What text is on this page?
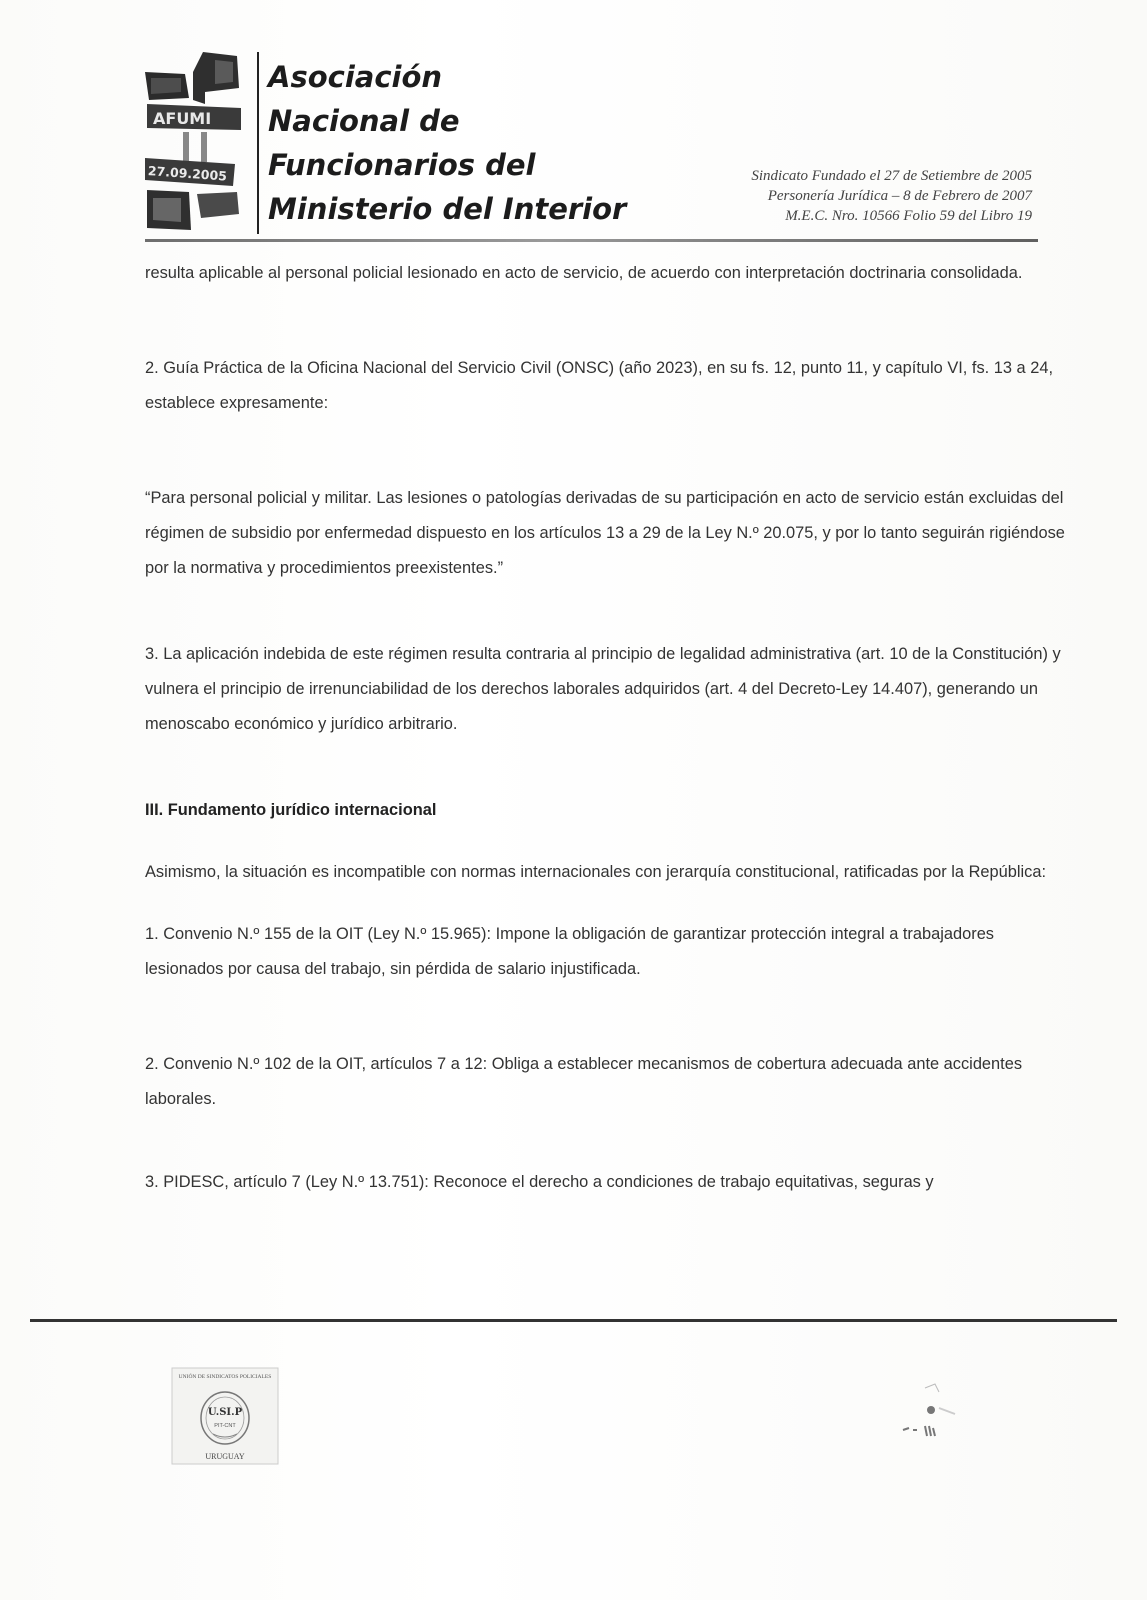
AFUMI
27.09.2005
Asociación
Nacional de
Funcionarios del
Ministerio del Interior
Sindicato Fundado el 27 de Setiembre de 2005
Personería Jurídica – 8 de Febrero de 2007
M.E.C. Nro. 10566 Folio 59 del Libro 19

resulta aplicable al personal policial lesionado en acto de servicio, de acuerdo con interpretación doctrinaria consolidada.

2. Guía Práctica de la Oficina Nacional del Servicio Civil (ONSC) (año 2023), en su fs. 12, punto 11, y capítulo VI, fs. 13 a 24, establece expresamente:

“Para personal policial y militar. Las lesiones o patologías derivadas de su participación en acto de servicio están excluidas del régimen de subsidio por enfermedad dispuesto en los artículos 13 a 29 de la Ley N.º 20.075, y por lo tanto seguirán rigiéndose por la normativa y procedimientos preexistentes.”

3. La aplicación indebida de este régimen resulta contraria al principio de legalidad administrativa (art. 10 de la Constitución) y vulnera el principio de irrenunciabilidad de los derechos laborales adquiridos (art. 4 del Decreto-Ley 14.407), generando un menoscabo económico y jurídico arbitrario.

III. Fundamento jurídico internacional

Asimismo, la situación es incompatible con normas internacionales con jerarquía constitucional, ratificadas por la República:

1. Convenio N.º 155 de la OIT (Ley N.º 15.965): Impone la obligación de garantizar protección integral a trabajadores lesionados por causa del trabajo, sin pérdida de salario injustificada.

2. Convenio N.º 102 de la OIT, artículos 7 a 12: Obliga a establecer mecanismos de cobertura adecuada ante accidentes laborales.

3. PIDESC, artículo 7 (Ley N.º 13.751): Reconoce el derecho a condiciones de trabajo equitativas, seguras y

UNIÓN DE SINDICATOS POLICIALES
U.SI.P
PIT-CNT
URUGUAY
